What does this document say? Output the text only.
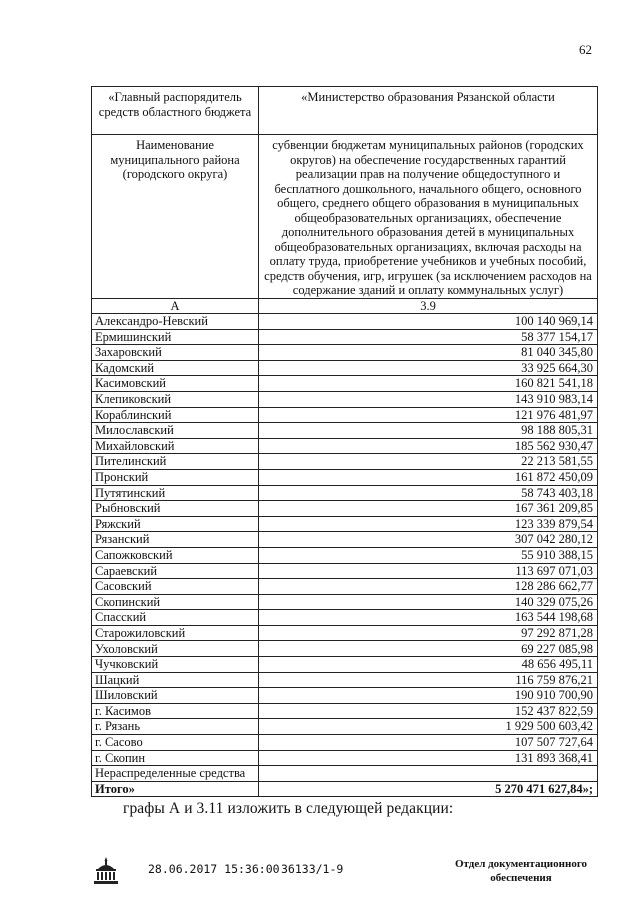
62
«Главный распорядитель средств областного бюджета	«Министерство образования Рязанской области
Наименование муниципального района (городского округа)	субвенции бюджетам муниципальных районов (городских округов) на обеспечение государственных гарантий реализации прав на получение общедоступного и бесплатного дошкольного, начального общего, основного общего, среднего общего образования в муниципальных общеобразовательных организациях, обеспечение дополнительного образования детей в муниципальных общеобразовательных организациях, включая расходы на оплату труда, приобретение учебников и учебных пособий, средств обучения, игр, игрушек (за исключением расходов на содержание зданий и оплату коммунальных услуг)
А	3.9
Александро-Невский	100 140 969,14
Ермишинский	58 377 154,17
Захаровский	81 040 345,80
Кадомский	33 925 664,30
Касимовский	160 821 541,18
Клепиковский	143 910 983,14
Кораблинский	121 976 481,97
Милославский	98 188 805,31
Михайловский	185 562 930,47
Пителинский	22 213 581,55
Пронский	161 872 450,09
Путятинский	58 743 403,18
Рыбновский	167 361 209,85
Ряжский	123 339 879,54
Рязанский	307 042 280,12
Сапожковский	55 910 388,15
Сараевский	113 697 071,03
Сасовский	128 286 662,77
Скопинский	140 329 075,26
Спасский	163 544 198,68
Старожиловский	97 292 871,28
Ухоловский	69 227 085,98
Чучковский	48 656 495,11
Шацкий	116 759 876,21
Шиловский	190 910 700,90
г. Касимов	152 437 822,59
г. Рязань	1 929 500 603,42
г. Сасово	107 507 727,64
г. Скопин	131 893 368,41
Нераспределенные средства	
Итого»	5 270 471 627,84»;
графы А и 3.11 изложить в следующей редакции:
28.06.2017 15:36:00 36133/1-9	Отдел документационного
обеспечения
